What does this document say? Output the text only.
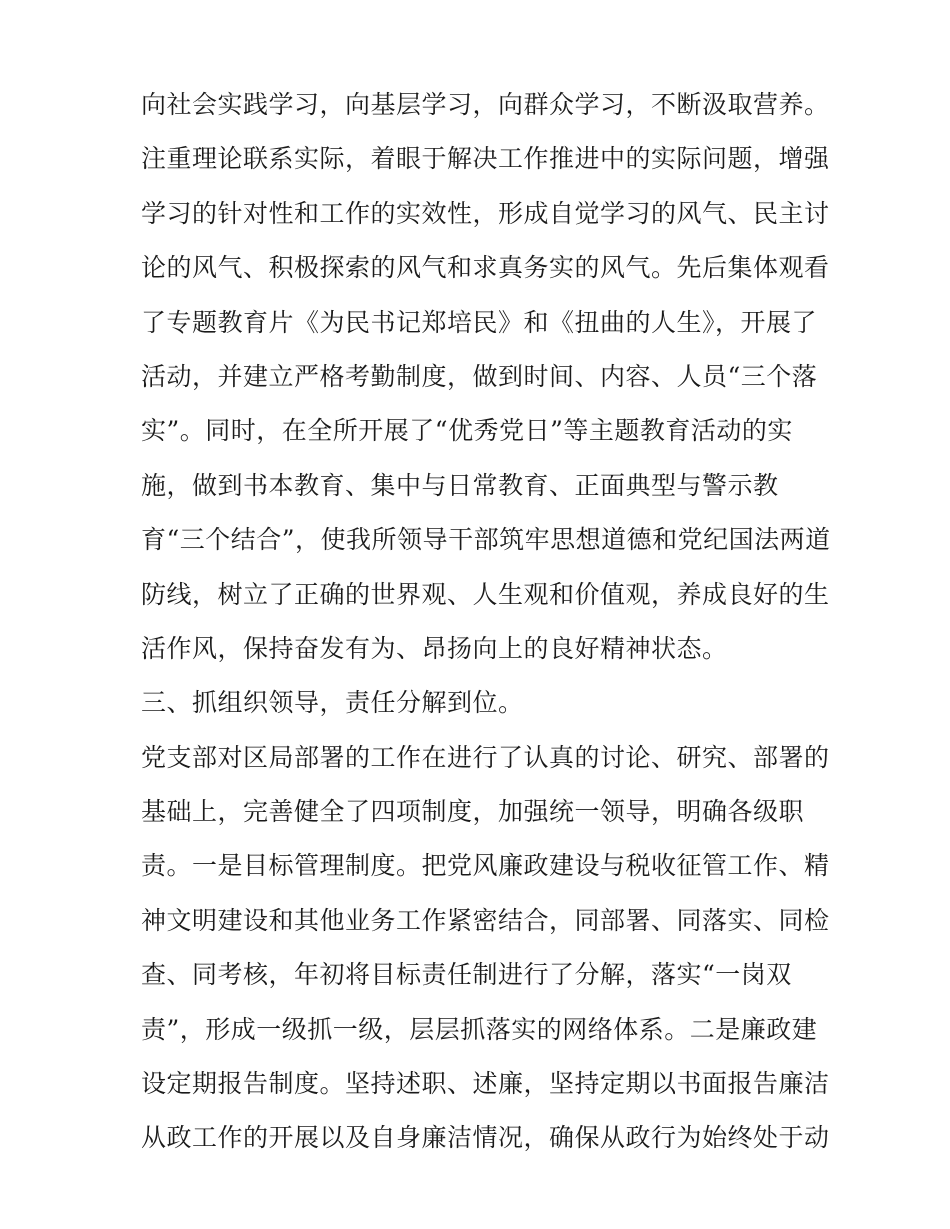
向社会实践学习，向基层学习，向群众学习，不断汲取营养。
注重理论联系实际，着眼于解决工作推进中的实际问题，增强
学习的针对性和工作的实效性，形成自觉学习的风气、民主讨
论的风气、积极探索的风气和求真务实的风气。先后集体观看
了专题教育片《为民书记郑培民》和《扭曲的人生》，开展了
活动，并建立严格考勤制度，做到时间、内容、人员“三个落
实”。同时，在全所开展了“优秀党日”等主题教育活动的实
施，做到书本教育、集中与日常教育、正面典型与警示教
育“三个结合”，使我所领导干部筑牢思想道德和党纪国法两道
防线，树立了正确的世界观、人生观和价值观，养成良好的生
活作风，保持奋发有为、昂扬向上的良好精神状态。
三、抓组织领导，责任分解到位。
党支部对区局部署的工作在进行了认真的讨论、研究、部署的
基础上，完善健全了四项制度，加强统一领导，明确各级职
责。一是目标管理制度。把党风廉政建设与税收征管工作、精
神文明建设和其他业务工作紧密结合，同部署、同落实、同检
查、同考核，年初将目标责任制进行了分解，落实“一岗双
责”，形成一级抓一级，层层抓落实的网络体系。二是廉政建
设定期报告制度。坚持述职、述廉，坚持定期以书面报告廉洁
从政工作的开展以及自身廉洁情况，确保从政行为始终处于动
